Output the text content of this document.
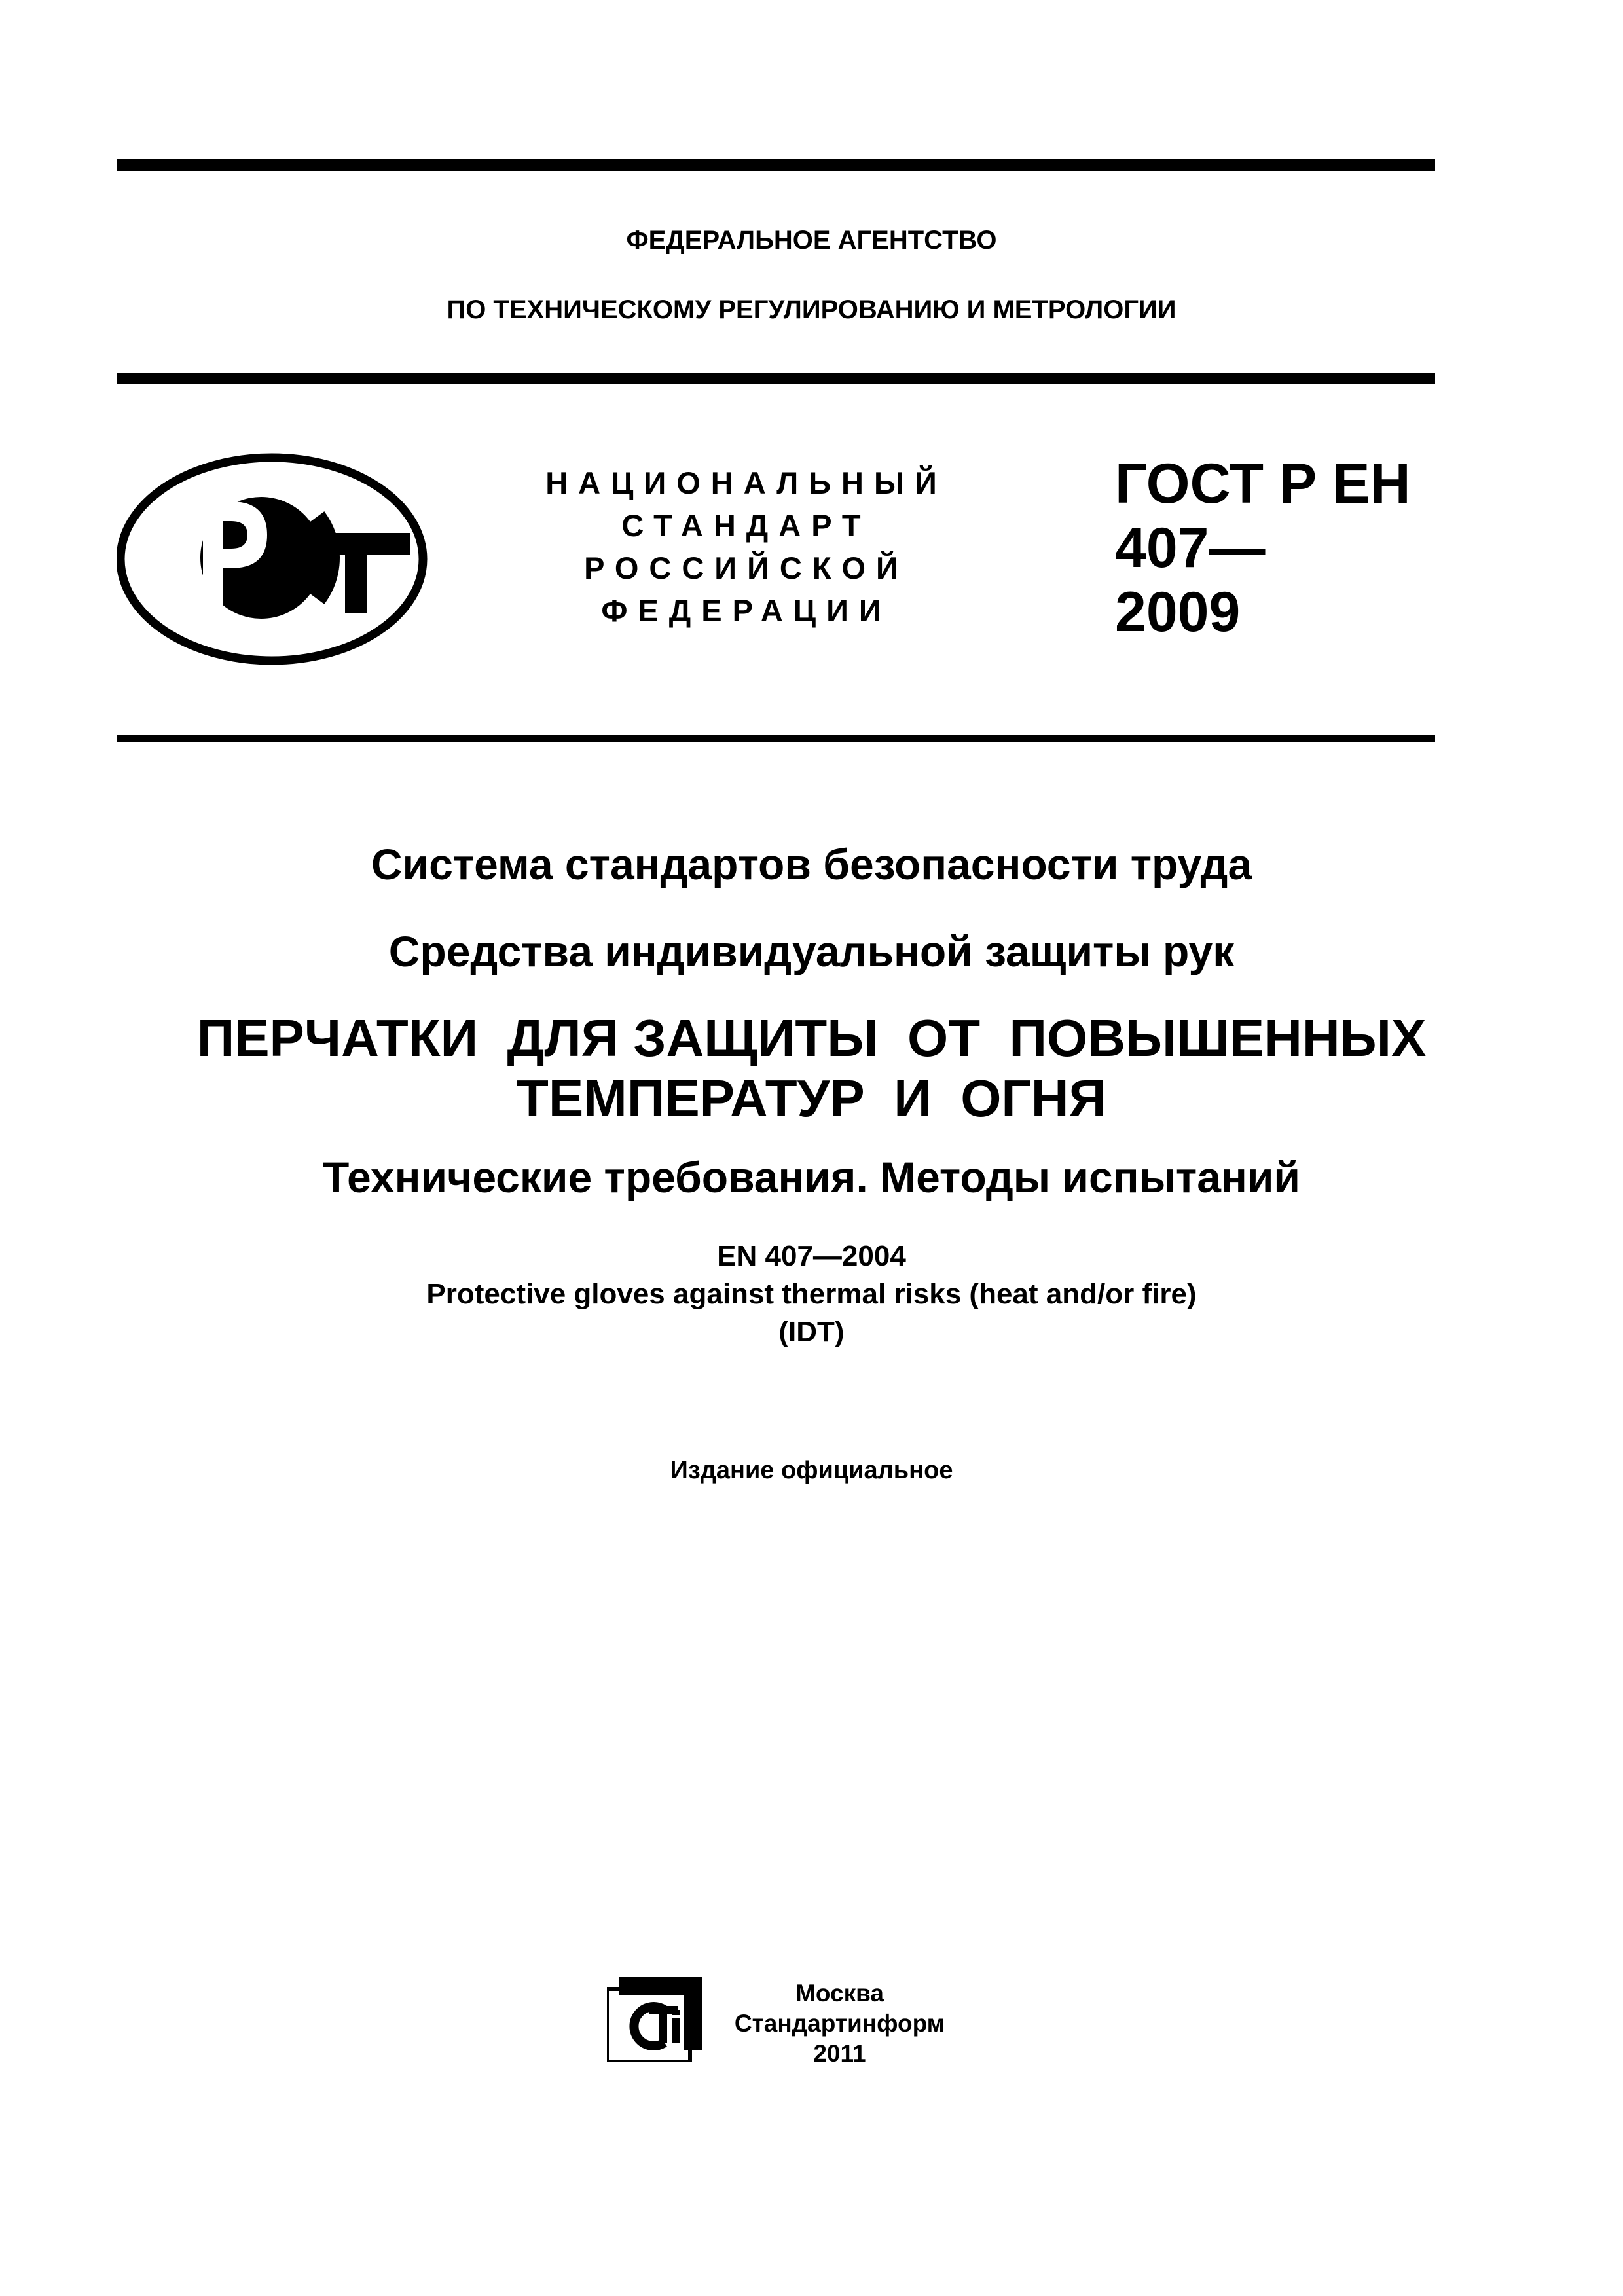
ФЕДЕРАЛЬНОЕ АГЕНТСТВО
ПО ТЕХНИЧЕСКОМУ РЕГУЛИРОВАНИЮ И МЕТРОЛОГИИ
НАЦИОНАЛЬНЫЙ
СТАНДАРТ
РОССИЙСКОЙ
ФЕДЕРАЦИИ
ГОСТ Р ЕН
407—
2009
Система стандартов безопасности труда
Средства индивидуальной защиты рук
ПЕРЧАТКИ  ДЛЯ ЗАЩИТЫ  ОТ  ПОВЫШЕННЫХ
ТЕМПЕРАТУР  И  ОГНЯ
Технические требования. Методы испытаний
EN 407—2004
Protective gloves against thermal risks (heat and/or fire)
(IDT)
Издание официальное
Москва
Стандартинформ
2011
